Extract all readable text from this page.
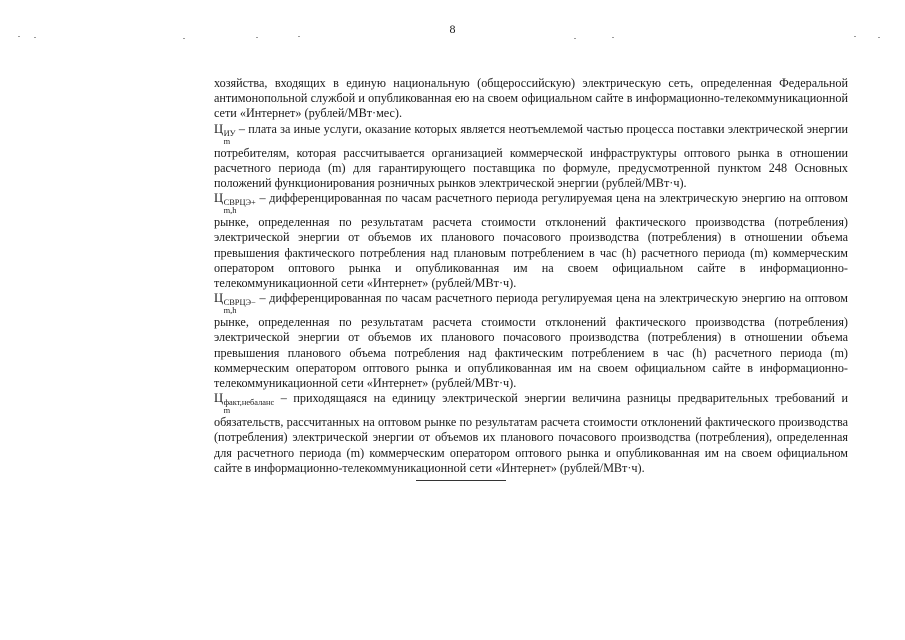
8

хозяйства, входящих в единую национальную (общероссийскую) электрическую сеть, определенная Федеральной антимонопольной службой и опубликованная ею на своем официальном сайте в информационно-телекоммуникационной сети «Интернет» (рублей/МВт·мес).

Ц ИУ
m
– плата за иные услуги, оказание которых является неотъемлемой частью процесса поставки электрической энергии потребителям, которая рассчитывается организацией коммерческой инфраструктуры оптового рынка в отношении расчетного периода (m) для гарантирующего поставщика по формуле, предусмотренной пунктом 248 Основных положений функционирования розничных рынков электрической энергии (рублей/МВт·ч).

Ц СВРЦЭ+
m,h
– дифференцированная по часам расчетного периода регулируемая цена на электрическую энергию на оптовом рынке, определенная по результатам расчета стоимости отклонений фактического производства (потребления) электрической энергии от объемов их планового почасового производства (потребления) в отношении объема превышения фактического потребления над плановым потреблением в час (h) расчетного периода (m) коммерческим оператором оптового рынка и опубликованная им на своем официальном сайте в информационно-телекоммуникационной сети «Интернет» (рублей/МВт·ч).

Ц СВРЦЭ−
m,h
– дифференцированная по часам расчетного периода регулируемая цена на электрическую энергию на оптовом рынке, определенная по результатам расчета стоимости отклонений фактического производства (потребления) электрической энергии от объемов их планового почасового производства (потребления) в отношении объема превышения планового объема потребления над фактическим потреблением в час (h) расчетного периода (m) коммерческим оператором оптового рынка и опубликованная им на своем официальном сайте в информационно-телекоммуникационной сети «Интернет» (рублей/МВт·ч).

Ц факт,небаланс
m
– приходящаяся на единицу электрической энергии величина разницы предварительных требований и обязательств, рассчитанных на оптовом рынке по результатам расчета стоимости отклонений фактического производства (потребления) электрической энергии от объемов их планового почасового производства (потребления), определенная для расчетного периода (m) коммерческим оператором оптового рынка и опубликованная им на своем официальном сайте в информационно-телекоммуникационной сети «Интернет» (рублей/МВт·ч).
